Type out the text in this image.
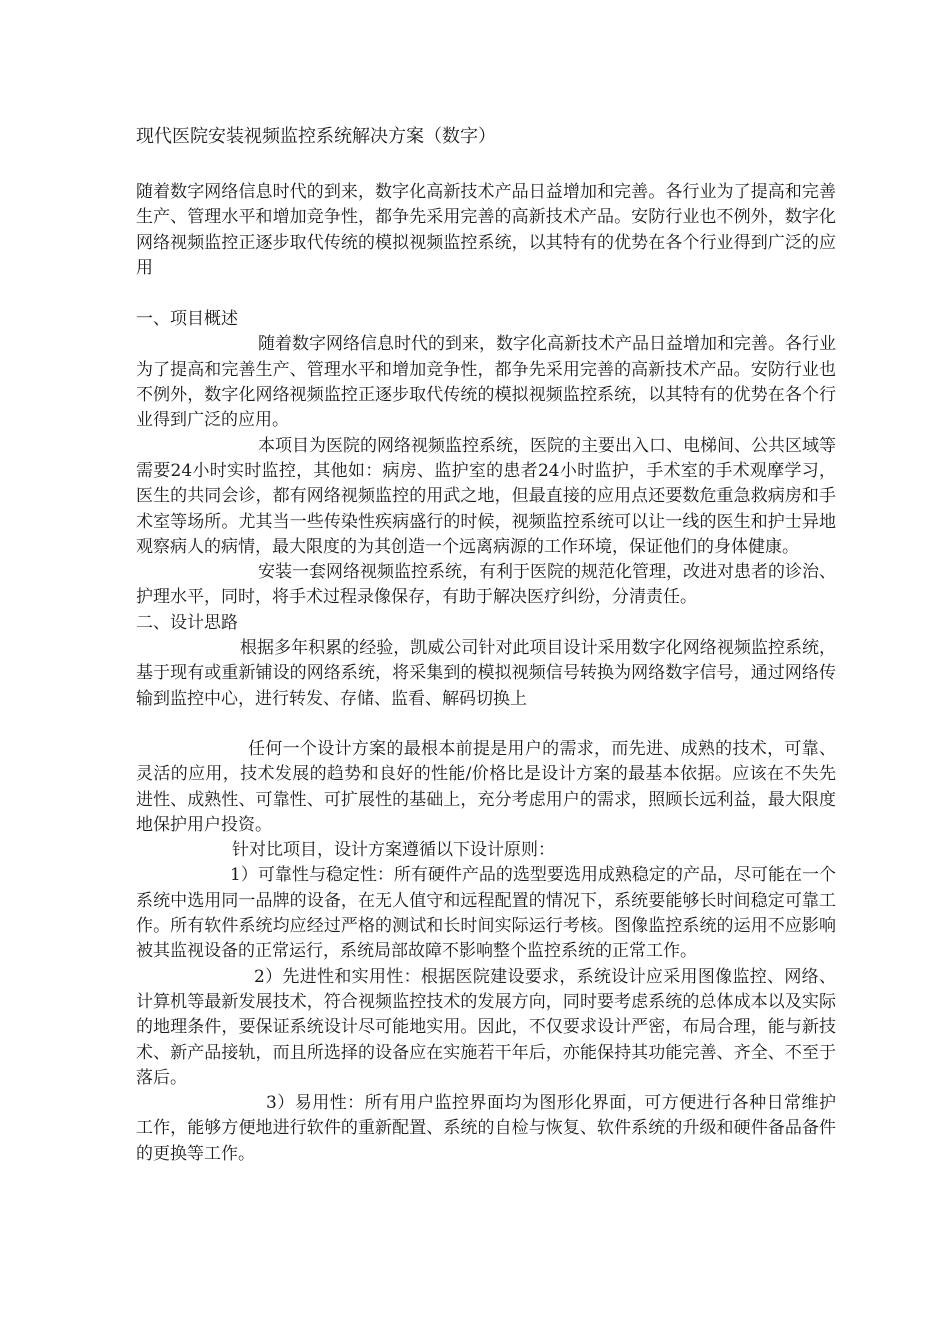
现代医院安装视频监控系统解决方案（数字）

随着数字网络信息时代的到来，数字化高新技术产品日益增加和完善。各行业为了提高和完善生产、管理水平和增加竞争性，都争先采用完善的高新技术产品。安防行业也不例外，数字化网络视频监控正逐步取代传统的模拟视频监控系统，以其特有的优势在各个行业得到广泛的应用

一、项目概述

随着数字网络信息时代的到来，数字化高新技术产品日益增加和完善。各行业为了提高和完善生产、管理水平和增加竞争性，都争先采用完善的高新技术产品。安防行业也不例外，数字化网络视频监控正逐步取代传统的模拟视频监控系统，以其特有的优势在各个行业得到广泛的应用。

本项目为医院的网络视频监控系统，医院的主要出入口、电梯间、公共区域等需要24小时实时监控，其他如：病房、监护室的患者24小时监护，手术室的手术观摩学习，医生的共同会诊，都有网络视频监控的用武之地，但最直接的应用点还要数危重急救病房和手术室等场所。尤其当一些传染性疾病盛行的时候，视频监控系统可以让一线的医生和护士异地观察病人的病情，最大限度的为其创造一个远离病源的工作环境，保证他们的身体健康。

安装一套网络视频监控系统，有利于医院的规范化管理，改进对患者的诊治、护理水平，同时，将手术过程录像保存，有助于解决医疗纠纷，分清责任。

二、设计思路

根据多年积累的经验，凯威公司针对此项目设计采用数字化网络视频监控系统，基于现有或重新铺设的网络系统，将采集到的模拟视频信号转换为网络数字信号，通过网络传输到监控中心，进行转发、存储、监看、解码切换上

任何一个设计方案的最根本前提是用户的需求，而先进、成熟的技术，可靠、灵活的应用，技术发展的趋势和良好的性能/价格比是设计方案的最基本依据。应该在不失先进性、成熟性、可靠性、可扩展性的基础上，充分考虑用户的需求，照顾长远利益，最大限度地保护用户投资。

针对比项目，设计方案遵循以下设计原则：

1）可靠性与稳定性：所有硬件产品的选型要选用成熟稳定的产品，尽可能在一个系统中选用同一品牌的设备，在无人值守和远程配置的情况下，系统要能够长时间稳定可靠工作。所有软件系统均应经过严格的测试和长时间实际运行考核。图像监控系统的运用不应影响被其监视设备的正常运行，系统局部故障不影响整个监控系统的正常工作。

2）先进性和实用性：根据医院建设要求，系统设计应采用图像监控、网络、计算机等最新发展技术，符合视频监控技术的发展方向，同时要考虑系统的总体成本以及实际的地理条件，要保证系统设计尽可能地实用。因此，不仅要求设计严密，布局合理，能与新技术、新产品接轨，而且所选择的设备应在实施若干年后，亦能保持其功能完善、齐全、不至于落后。

3）易用性：所有用户监控界面均为图形化界面，可方便进行各种日常维护工作，能够方便地进行软件的重新配置、系统的自检与恢复、软件系统的升级和硬件备品备件的更换等工作。
